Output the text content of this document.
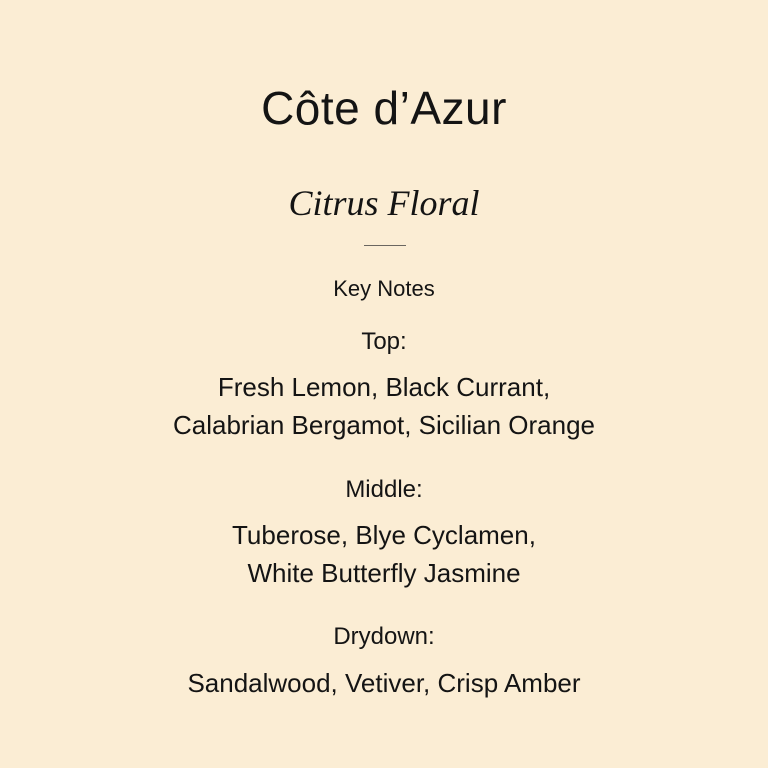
Côte d’Azur
Citrus Floral
Key Notes
Top:
Fresh Lemon, Black Currant,
Calabrian Bergamot, Sicilian Orange
Middle:
Tuberose, Blye Cyclamen,
White Butterfly Jasmine
Drydown:
Sandalwood, Vetiver, Crisp Amber
